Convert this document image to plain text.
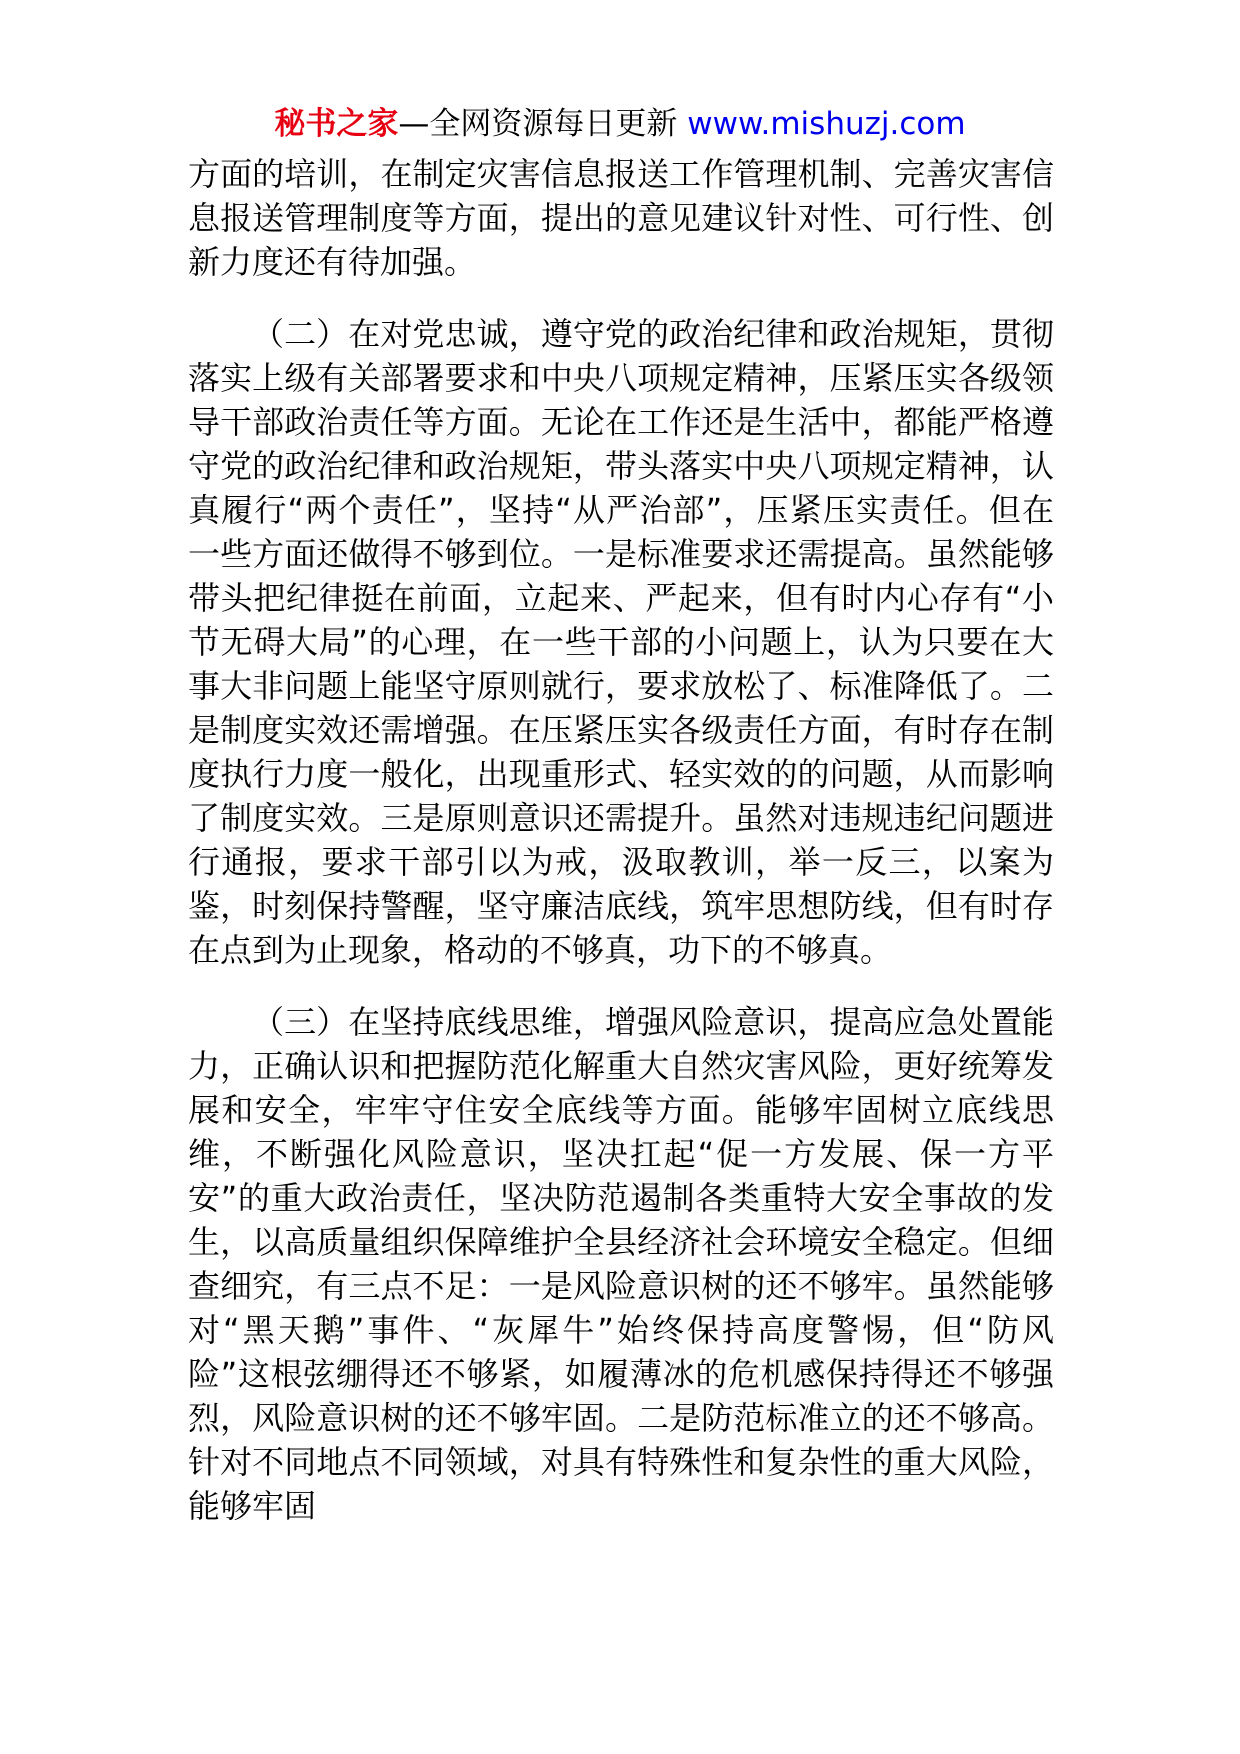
秘书之家—全网资源每日更新 www.mishuzj.com

方面的培训，在制定灾害信息报送工作管理机制、完善灾害信息报送管理制度等方面，提出的意见建议针对性、可行性、创新力度还有待加强。

（二）在对党忠诚，遵守党的政治纪律和政治规矩，贯彻落实上级有关部署要求和中央八项规定精神，压紧压实各级领导干部政治责任等方面。无论在工作还是生活中，都能严格遵守党的政治纪律和政治规矩，带头落实中央八项规定精神，认真履行“两个责任”，坚持“从严治部”，压紧压实责任。但在一些方面还做得不够到位。一是标准要求还需提高。虽然能够带头把纪律挺在前面，立起来、严起来，但有时内心存有“小节无碍大局”的心理，在一些干部的小问题上，认为只要在大事大非问题上能坚守原则就行，要求放松了、标准降低了。二是制度实效还需增强。在压紧压实各级责任方面，有时存在制度执行力度一般化，出现重形式、轻实效的的问题，从而影响了制度实效。三是原则意识还需提升。虽然对违规违纪问题进行通报，要求干部引以为戒，汲取教训，举一反三，以案为鉴，时刻保持警醒，坚守廉洁底线，筑牢思想防线，但有时存在点到为止现象，格动的不够真，功下的不够真。

（三）在坚持底线思维，增强风险意识，提高应急处置能力，正确认识和把握防范化解重大自然灾害风险，更好统筹发展和安全，牢牢守住安全底线等方面。能够牢固树立底线思维，不断强化风险意识，坚决扛起“促一方发展、保一方平安”的重大政治责任，坚决防范遏制各类重特大安全事故的发生，以高质量组织保障维护全县经济社会环境安全稳定。但细查细究，有三点不足：一是风险意识树的还不够牢。虽然能够对“黑天鹅”事件、“灰犀牛”始终保持高度警惕，但“防风险”这根弦绷得还不够紧，如履薄冰的危机感保持得还不够强烈，风险意识树的还不够牢固。二是防范标准立的还不够高。针对不同地点不同领域，对具有特殊性和复杂性的重大风险，能够牢固
